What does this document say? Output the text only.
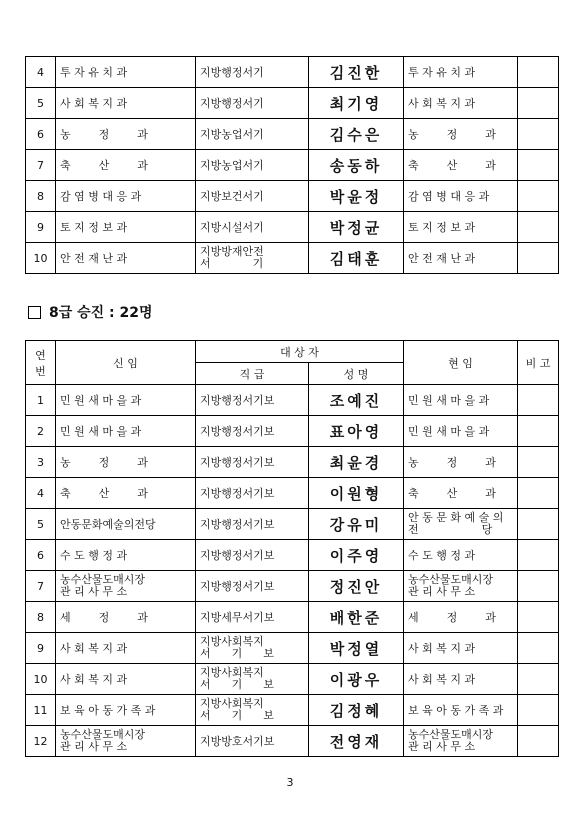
4	투 자 유 치 과	지방행정서기	김진한	투 자 유 치 과	
5	사 회 복 지 과	지방행정서기	최기영	사 회 복 지 과	
6	농        정        과	지방농업서기	김수은	농        정        과	
7	축        산        과	지방농업서기	송동하	축        산        과	
8	감 염 병 대 응 과	지방보건서기	박윤정	감 염 병 대 응 과	
9	토 지 정 보 과	지방시설서기	박정균	토 지 정 보 과	
10	안 전 재 난 과	지방방재안전
서            기	김태훈	안 전 재 난 과	
8급 승진 : 22명
연번	신 임	대 상 자		현 임	비 고
		직 급	성 명		
1	민 원 새 마 을 과	지방행정서기보	조예진	민 원 새 마 을 과	
2	민 원 새 마 을 과	지방행정서기보	표아영	민 원 새 마 을 과	
3	농        정        과	지방행정서기보	최윤경	농        정        과	
4	축        산        과	지방행정서기보	이원형	축        산        과	
5	안동문화예술의전당	지방행정서기보	강유미	안 동 문 화 예 술 의
전                  당	
6	수 도 행 정 과	지방행정서기보	이주영	수 도 행 정 과	
7	농수산물도매시장
관 리 사 무 소	지방행정서기보	정진안	농수산물도매시장
관 리 사 무 소	
8	세        정        과	지방세무서기보	배한준	세        정        과	
9	사 회 복 지 과	지방사회복지
서      기      보	박정열	사 회 복 지 과	
10	사 회 복 지 과	지방사회복지
서      기      보	이광우	사 회 복 지 과	
11	보 육 아 동 가 족 과	지방사회복지
서      기      보	김정혜	보 육 아 동 가 족 과	
12	농수산물도매시장
관 리 사 무 소	지방방호서기보	전영재	농수산물도매시장
관 리 사 무 소	
3
